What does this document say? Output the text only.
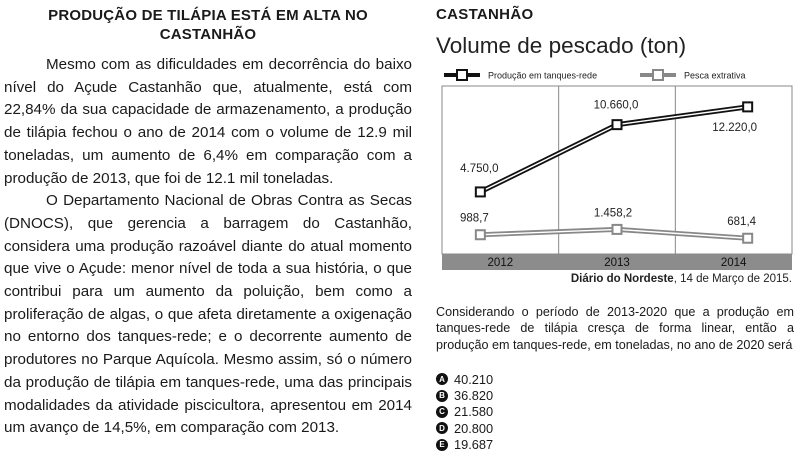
PRODUÇÃO DE TILÁPIA ESTÁ EM ALTA NO CASTANHÃO

Mesmo com as dificuldades em decorrência do baixo nível do Açude Castanhão que, atualmente, está com 22,84% da sua capacidade de armazenamento, a produção de tilápia fechou o ano de 2014 com o volume de 12.9 mil toneladas, um aumento de 6,4% em comparação com a produção de 2013, que foi de 12.1 mil toneladas.

O Departamento Nacional de Obras Contra as Secas (DNOCS), que gerencia a barragem do Castanhão, considera uma produção razoável diante do atual momento que vive o Açude: menor nível de toda a sua história, o que contribui para um aumento da poluição, bem como a proliferação de algas, o que afeta diretamente a oxigenação no entorno dos tanques-rede; e o decorrente aumento de produtores no Parque Aquícola. Mesmo assim, só o número da produção de tilápia em tanques-rede, uma das principais modalidades da atividade piscicultora, apresentou em 2014 um avanço de 14,5%, em comparação com 2013.

CASTANHÃO
Volume de pescado (ton)
Produção em tanques-rede	Pesca extrativa
2012	2013	2014
4.750,0
10.660,0
12.220,0
988,7	1.458,2
681,4
Diário do Nordeste, 14 de Março de 2015.
Considerando o período de 2013-2020 que a produção em tanques-rede de tilápia cresça de forma linear, então a produção em tanques-rede, em toneladas, no ano de 2020 será
A 40.210
B 36.820
C 21.580
D 20.800
E 19.687
